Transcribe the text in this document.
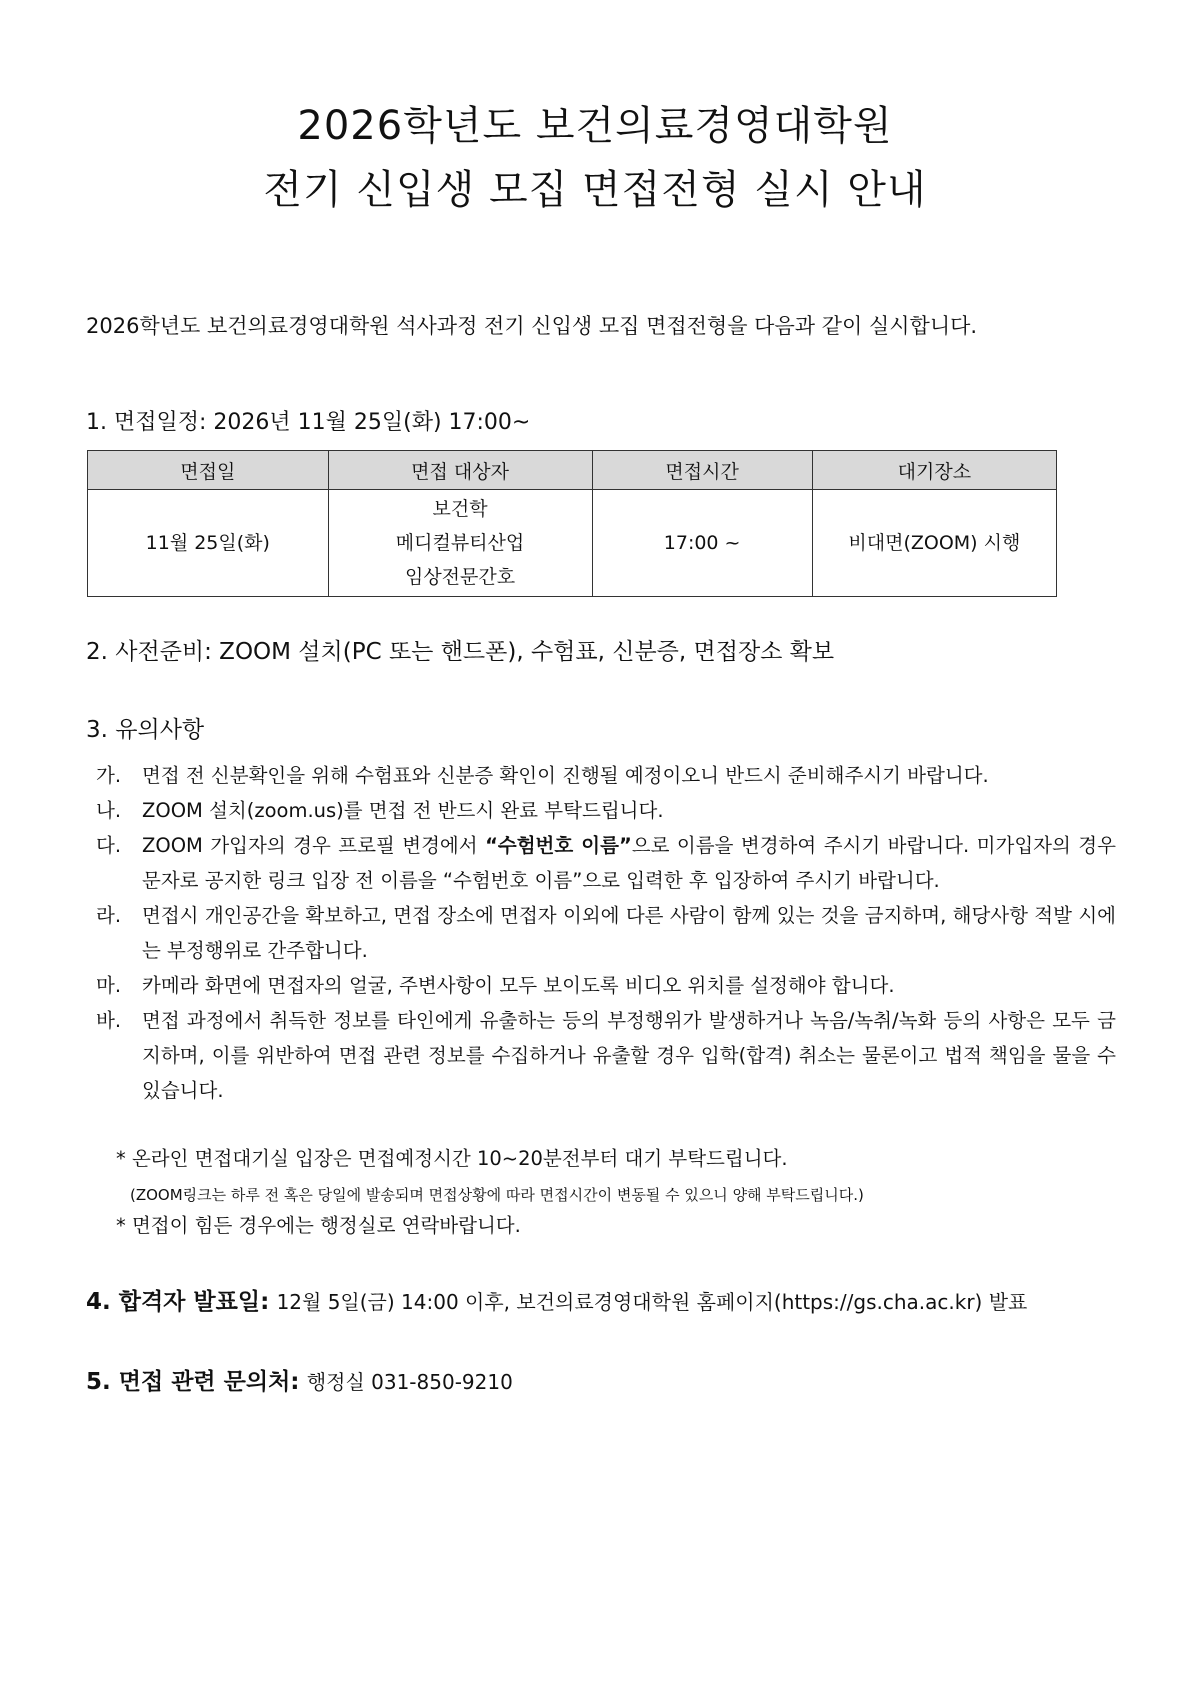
2026학년도 보건의료경영대학원
전기 신입생 모집 면접전형 실시 안내
2026학년도 보건의료경영대학원 석사과정 전기 신입생 모집 면접전형을 다음과 같이 실시합니다.
1. 면접일정: 2026년 11월 25일(화) 17:00~
면접일	면접 대상자	면접시간	대기장소
11월 25일(화)	보건학
메디컬뷰티산업
임상전문간호	17:00 ~	비대면(ZOOM) 시행
2. 사전준비: ZOOM 설치(PC 또는 핸드폰), 수험표, 신분증, 면접장소 확보
3. 유의사항
가.	면접 전 신분확인을 위해 수험표와 신분증 확인이 진행될 예정이오니 반드시 준비해주시기 바랍니다.
나.	ZOOM 설치(zoom.us)를 면접 전 반드시 완료 부탁드립니다.
다.	ZOOM 가입자의 경우 프로필 변경에서 “수험번호 이름”으로 이름을 변경하여 주시기 바랍니다. 미가입자의 경우 문자로 공지한 링크 입장 전 이름을 “수험번호 이름”으로 입력한 후 입장하여 주시기 바랍니다.
라.	면접시 개인공간을 확보하고, 면접 장소에 면접자 이외에 다른 사람이 함께 있는 것을 금지하며, 해당사항 적발 시에는 부정행위로 간주합니다.
마.	카메라 화면에 면접자의 얼굴, 주변사항이 모두 보이도록 비디오 위치를 설정해야 합니다.
바.	면접 과정에서 취득한 정보를 타인에게 유출하는 등의 부정행위가 발생하거나 녹음/녹취/녹화 등의 사항은 모두 금지하며, 이를 위반하여 면접 관련 정보를 수집하거나 유출할 경우 입학(합격) 취소는 물론이고 법적 책임을 물을 수 있습니다.
* 온라인 면접대기실 입장은 면접예정시간 10~20분전부터 대기 부탁드립니다.
(ZOOM링크는 하루 전 혹은 당일에 발송되며 면접상황에 따라 면접시간이 변동될 수 있으니 양해 부탁드립니다.)
* 면접이 힘든 경우에는 행정실로 연락바랍니다.
4. 합격자 발표일: 12월 5일(금) 14:00 이후, 보건의료경영대학원 홈페이지(https://gs.cha.ac.kr) 발표
5. 면접 관련 문의처: 행정실 031-850-9210
